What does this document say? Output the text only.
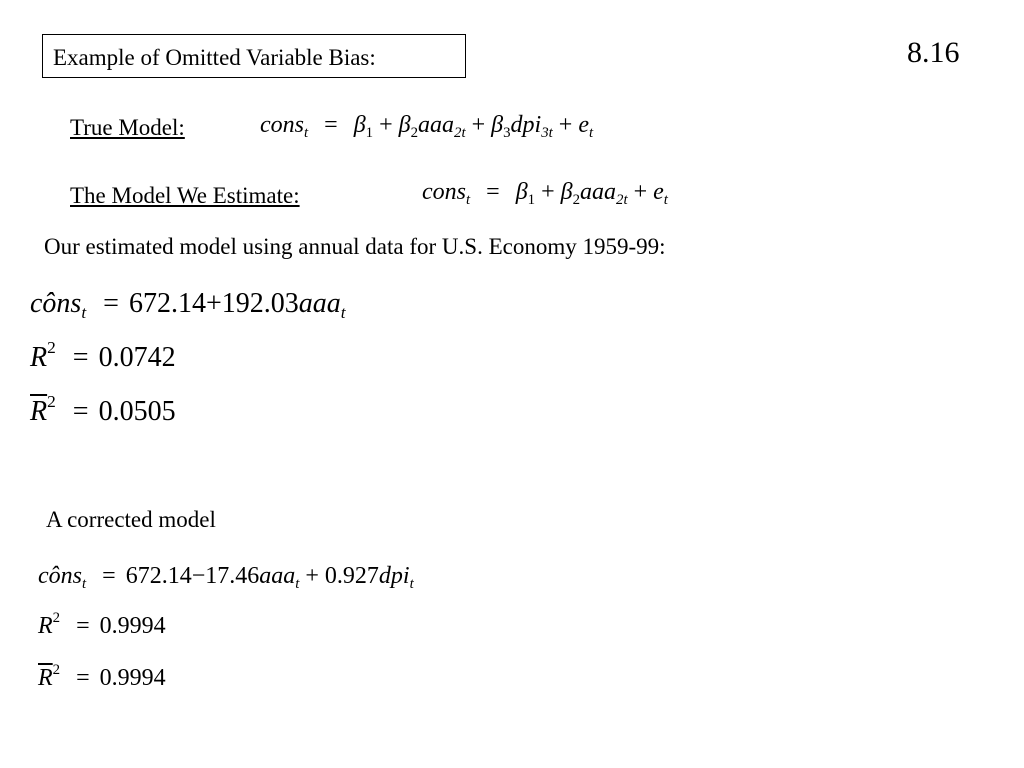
Example of Omitted Variable Bias:	8.16
True Model:	cons$_t$ = $\beta_1 + \beta_2aaa_{2t} + \beta_3dpi_{3t} + e_t$
The Model We Estimate:	cons$_t$ = $\beta_1 + \beta_2aaa_{2t} + e_t$
Our estimated model using annual data for U.S. Economy 1959-99:
côns$_t$ = 672.14+192.03aaa$_t$
$R^2 = 0.0742$
$\overline{R}^2 = 0.0505$
A corrected model
côns$_t$ = 672.14−17.46aaa$_t$ + 0.927dpi$_t$
$R^2 = 0.9994$
$\overline{R}^2 = 0.9994$
